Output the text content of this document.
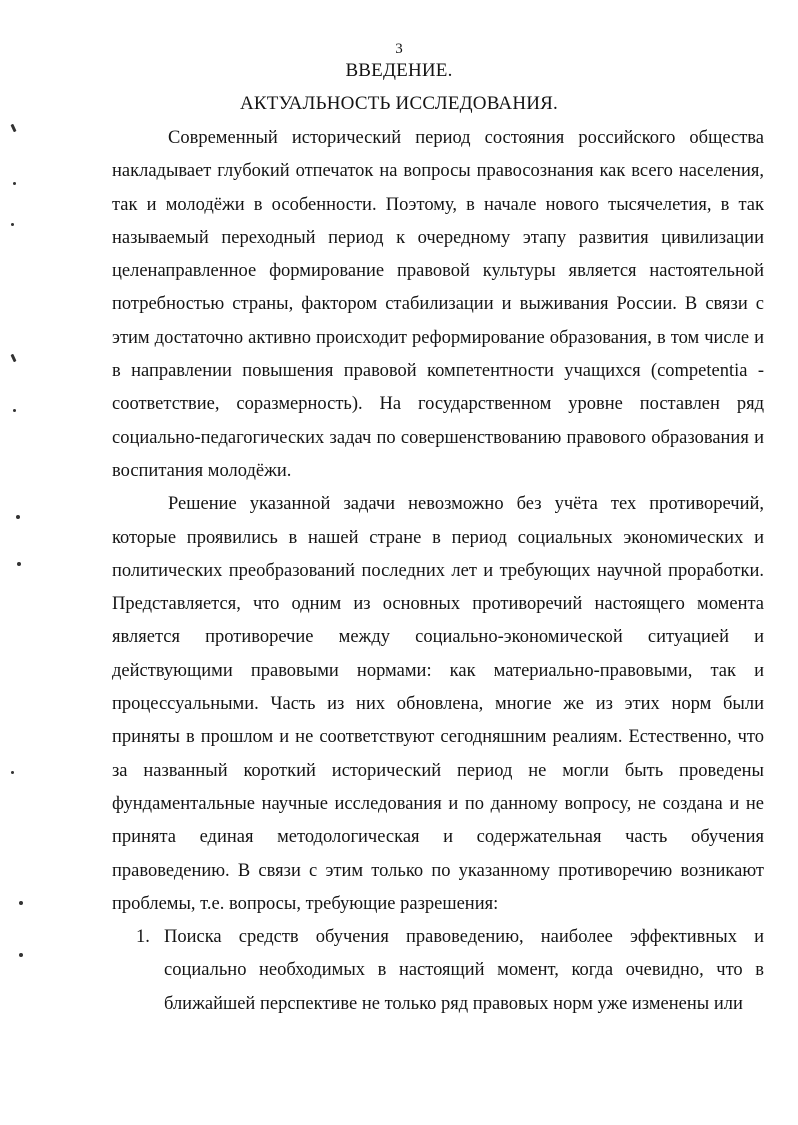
3
ВВЕДЕНИЕ.
АКТУАЛЬНОСТЬ ИССЛЕДОВАНИЯ.

Современный исторический период состояния российского общества накладывает глубокий отпечаток на вопросы правосознания как всего населения, так и молодёжи в особенности. Поэтому, в начале нового тысячелетия, в так называемый переходный период к очередному этапу развития цивилизации целенаправленное формирование правовой культуры является настоятельной потребностью страны, фактором стабилизации и выживания России. В связи с этим достаточно активно происходит реформирование образования, в том числе и в направлении повышения правовой компетентности учащихся (competentia - соответствие, соразмерность). На государственном уровне поставлен ряд социально-педагогических задач по совершенствованию правового образования и воспитания молодёжи.

Решение указанной задачи невозможно без учёта тех противоречий, которые проявились в нашей стране в период социальных экономических и политических преобразований последних лет и требующих научной проработки. Представляется, что одним из основных противоречий настоящего момента является противоречие между социально-экономической ситуацией и действующими правовыми нормами: как материально-правовыми, так и процессуальными. Часть из них обновлена, многие же из этих норм были приняты в прошлом и не соответствуют сегодняшним реалиям. Естественно, что за названный короткий исторический период не могли быть проведены фундаментальные научные исследования и по данному вопросу, не создана и не принята единая методологическая и содержательная часть обучения правоведению. В связи с этим только по указанному противоречию возникают проблемы, т.е. вопросы, требующие разрешения:

1. Поиска средств обучения правоведению, наиболее эффективных и социально необходимых в настоящий момент, когда очевидно, что в ближайшей перспективе не только ряд правовых норм уже изменены или
